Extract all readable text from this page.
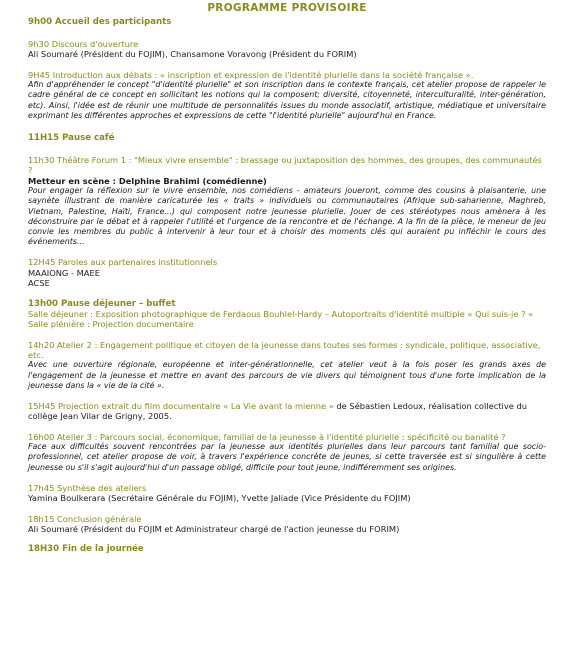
PROGRAMME PROVISOIRE

9h00 Accueil des participants

9h30 Discours d'ouverture

Ali Soumaré (Président du FOJIM), Chansamone Voravong (Président du FORIM)

9H45 Introduction aux débats : « inscription et expression de l'identité plurielle dans la société française ».

Afin d'appréhender le concept "d'identité plurielle" et son inscription dans le contexte français, cet atelier propose de rappeler le cadre général de ce concept en sollicitant les notions qui la composent; diversité, citoyenneté, interculturalité, inter-génération, etc). Ainsi, l'idée est de réunir une multitude de personnalités issues du monde associatif, artistique, médiatique et universitaire exprimant les différentes approches et expressions de cette "l'identité plurielle" aujourd'hui en France.

11H15 Pause café

11h30 Théâtre Forum 1 : "Mieux vivre ensemble" : brassage ou juxtaposition des hommes, des groupes, des communautés ?

Metteur en scène : Delphine Brahimi (comédienne)

Pour engager la réflexion sur le vivre ensemble, nos comédiens - amateurs joueront, comme des cousins à plaisanterie, une saynète illustrant de manière caricaturée les « traits » individuels ou communautaires (Afrique sub-saharienne, Maghreb, Vietnam, Palestine, Haïti, France...) qui composent notre jeunesse plurielle. Jouer de ces stéréotypes nous amènera à les déconstruire par le débat et à rappeler l'utilité et l'urgence de la rencontre et de l'échange. A la fin de la pièce, le meneur de jeu convie les membres du public à intervenir à leur tour et à choisir des moments clés qui auraient pu infléchir le cours des événements...

12H45 Paroles aux partenaires institutionnels

MAAIONG - MAEE

ACSE

13h00 Pause déjeuner – buffet

Salle déjeuner : Exposition photographique de Ferdaous Bouhlel-Hardy – Autoportraits d'identité multiple « Qui suis-je ? »

Salle plénière : Projection documentaire

14h20 Atelier 2 : Engagement politique et citoyen de la jeunesse dans toutes ses formes : syndicale, politique, associative, etc.

Avec une ouverture régionale, européenne et inter-générationnelle, cet atelier veut à la fois poser les grands axes de l'engagement de la jeunesse et mettre en avant des parcours de vie divers qui témoignent tous d'une forte implication de la jeunesse dans la « vie de la cité ».

15H45 Projection extrait du film documentaire « La Vie avant la mienne » de Sébastien Ledoux, réalisation collective du collège Jean Vilar de Grigny, 2005.

16h00 Atelier 3 : Parcours social, économique, familial de la jeunesse à l'identité plurielle : spécificité ou banalité ?

Face aux difficultés souvent rencontrées par la jeunesse aux identités plurielles dans leur parcours tant familial que socio-professionnel, cet atelier propose de voir, à travers l'expérience concrète de jeunes, si cette traversée est si singulière à cette jeunesse ou s'il s'agit aujourd'hui d'un passage obligé, difficile pour tout jeune, indifféremment ses origines.

17h45 Synthèse des ateliers

Yamina Boulkerara (Secrétaire Générale du FOJIM), Yvette Jaliade (Vice Présidente du FOJIM)

18h15 Conclusion générale

Ali Soumaré (Président du FOJIM et Administrateur chargé de l'action jeunesse du FORIM)

18H30 Fin de la journée
